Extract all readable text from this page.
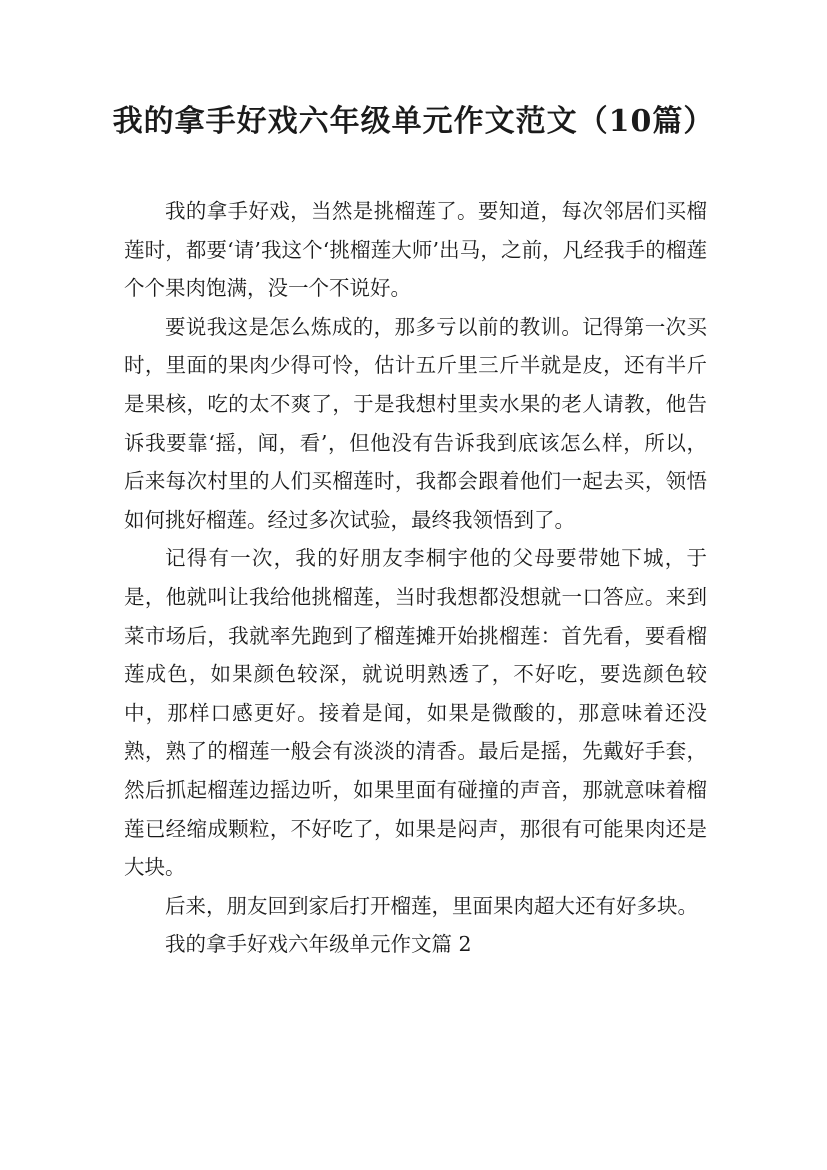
我的拿手好戏六年级单元作文范文（10篇）

我的拿手好戏，当然是挑榴莲了。要知道，每次邻居们买榴莲时，都要‘请’我这个‘挑榴莲大师’出马，之前，凡经我手的榴莲个个果肉饱满，没一个不说好。

要说我这是怎么炼成的，那多亏以前的教训。记得第一次买时，里面的果肉少得可怜，估计五斤里三斤半就是皮，还有半斤是果核，吃的太不爽了，于是我想村里卖水果的老人请教，他告诉我要靠‘摇，闻，看’，但他没有告诉我到底该怎么样，所以，后来每次村里的人们买榴莲时，我都会跟着他们一起去买，领悟如何挑好榴莲。经过多次试验，最终我领悟到了。

记得有一次，我的好朋友李桐宇他的父母要带她下城，于是，他就叫让我给他挑榴莲，当时我想都没想就一口答应。来到菜市场后，我就率先跑到了榴莲摊开始挑榴莲：首先看，要看榴莲成色，如果颜色较深，就说明熟透了，不好吃，要选颜色较中，那样口感更好。接着是闻，如果是微酸的，那意味着还没熟，熟了的榴莲一般会有淡淡的清香。最后是摇，先戴好手套，然后抓起榴莲边摇边听，如果里面有碰撞的声音，那就意味着榴莲已经缩成颗粒，不好吃了，如果是闷声，那很有可能果肉还是大块。

后来，朋友回到家后打开榴莲，里面果肉超大还有好多块。

我的拿手好戏六年级单元作文篇 2
